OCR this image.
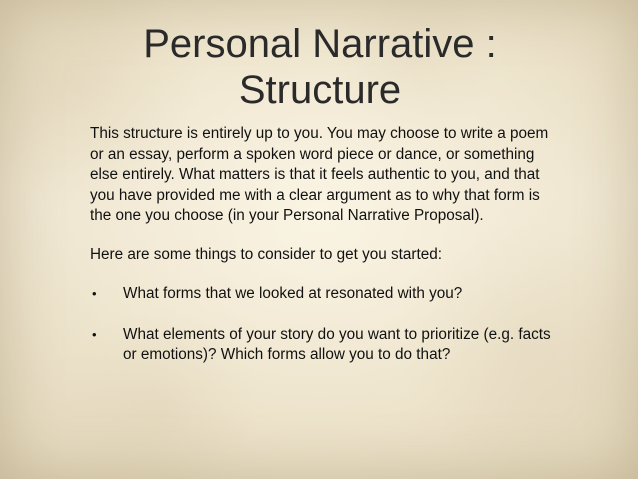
Personal Narrative :
Structure

This structure is entirely up to you. You may choose to write a poem or an essay, perform a spoken word piece or dance, or something else entirely. What matters is that it feels authentic to you, and that you have provided me with a clear argument as to why that form is the one you choose (in your Personal Narrative Proposal).

Here are some things to consider to get you started:

• What forms that we looked at resonated with you?
• What elements of your story do you want to prioritize (e.g. facts or emotions)? Which forms allow you to do that?
